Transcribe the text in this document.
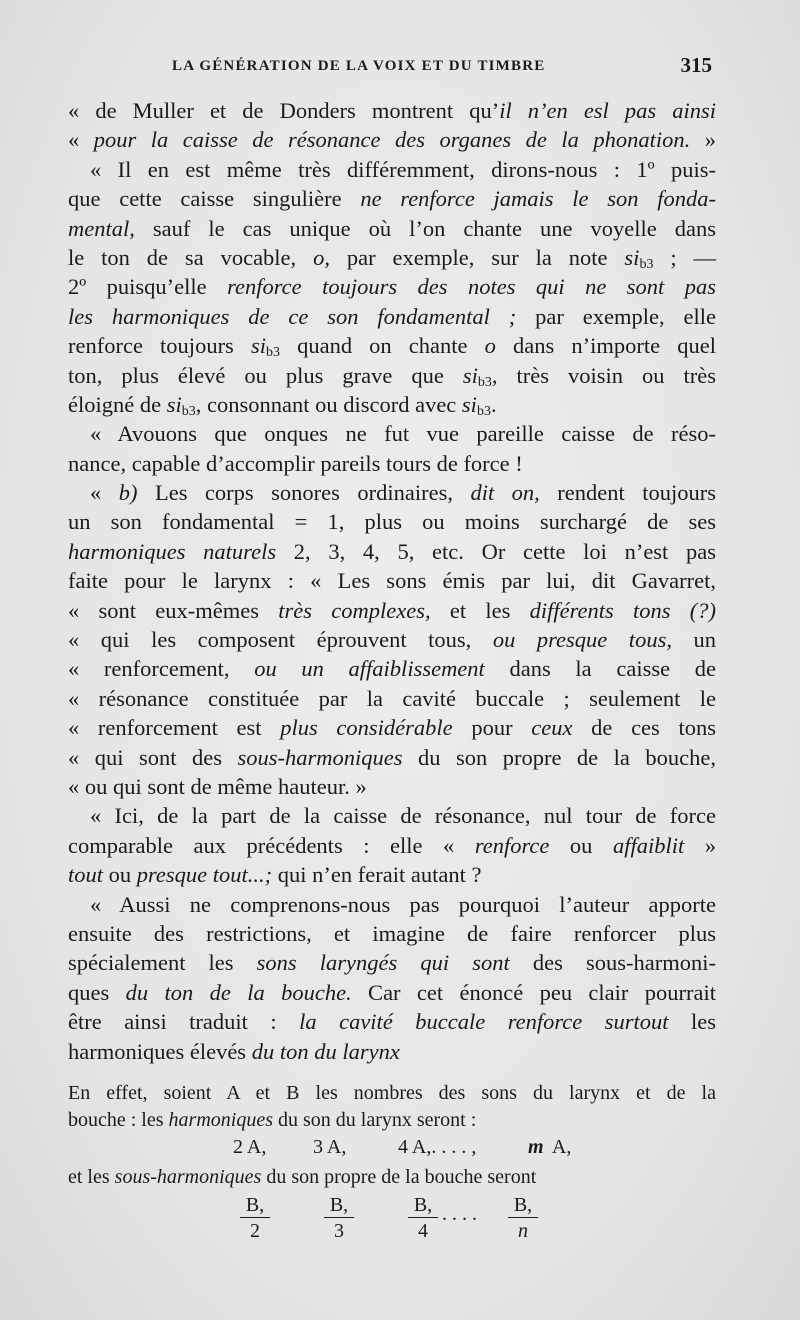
LA GÉNÉRATION DE LA VOIX ET DU TIMBRE	315
« de Muller et de Donders montrent qu’il n’en esl pas ainsi
« pour la caisse de résonance des organes de la phonation. »
« Il en est même très différemment, dirons-nous : 1º puis-
que cette caisse singulière ne renforce jamais le son fonda-
mental, sauf le cas unique où l’on chante une voyelle dans
le ton de sa vocable, o, par exemple, sur la note $si_{b3}$ ; —
2º puisqu’elle renforce toujours des notes qui ne sont pas
les harmoniques de ce son fondamental ; par exemple, elle
renforce toujours $si_{b3}$ quand on chante o dans n’importe quel
ton, plus élevé ou plus grave que $si_{b3}$, très voisin ou très
éloigné de $si_{b3}$, consonnant ou discord avec $si_{b3}$.
« Avouons que onques ne fut vue pareille caisse de réso-
nance, capable d’accomplir pareils tours de force !
« b) Les corps sonores ordinaires, dit on, rendent toujours
un son fondamental = 1, plus ou moins surchargé de ses
harmoniques naturels 2, 3, 4, 5, etc. Or cette loi n’est pas
faite pour le larynx : « Les sons émis par lui, dit Gavarret,
« sont eux-mêmes très complexes, et les différents tons (?)
« qui les composent éprouvent tous, ou presque tous, un
« renforcement, ou un affaiblissement dans la caisse de
« résonance constituée par la cavité buccale ; seulement le
« renforcement est plus considérable pour ceux de ces tons
« qui sont des sous-harmoniques du son propre de la bouche,
« ou qui sont de même hauteur. »
« Ici, de la part de la caisse de résonance, nul tour de force
comparable aux précédents : elle « renforce ou affaiblit »
tout ou presque tout...; qui n’en ferait autant ?
« Aussi ne comprenons-nous pas pourquoi l’auteur apporte
ensuite des restrictions, et imagine de faire renforcer plus
spécialement les sons laryngés qui sont des sous-harmoni-
ques du ton de la bouche. Car cet énoncé peu clair pourrait
être ainsi traduit : la cavité buccale renforce surtout les
harmoniques élevés du ton du larynx
En effet, soient A et B les nombres des sons du larynx et de la
bouche : les harmoniques du son du larynx seront :
2 A, 3 A,	4 A,. . . . ,	m A,
et les sous-harmoniques du son propre de la bouche seront
$\frac{B,}{2}$	$\frac{B,}{3}$	$\frac{B,}{4}$ . . . . $\frac{B,}{n}$
